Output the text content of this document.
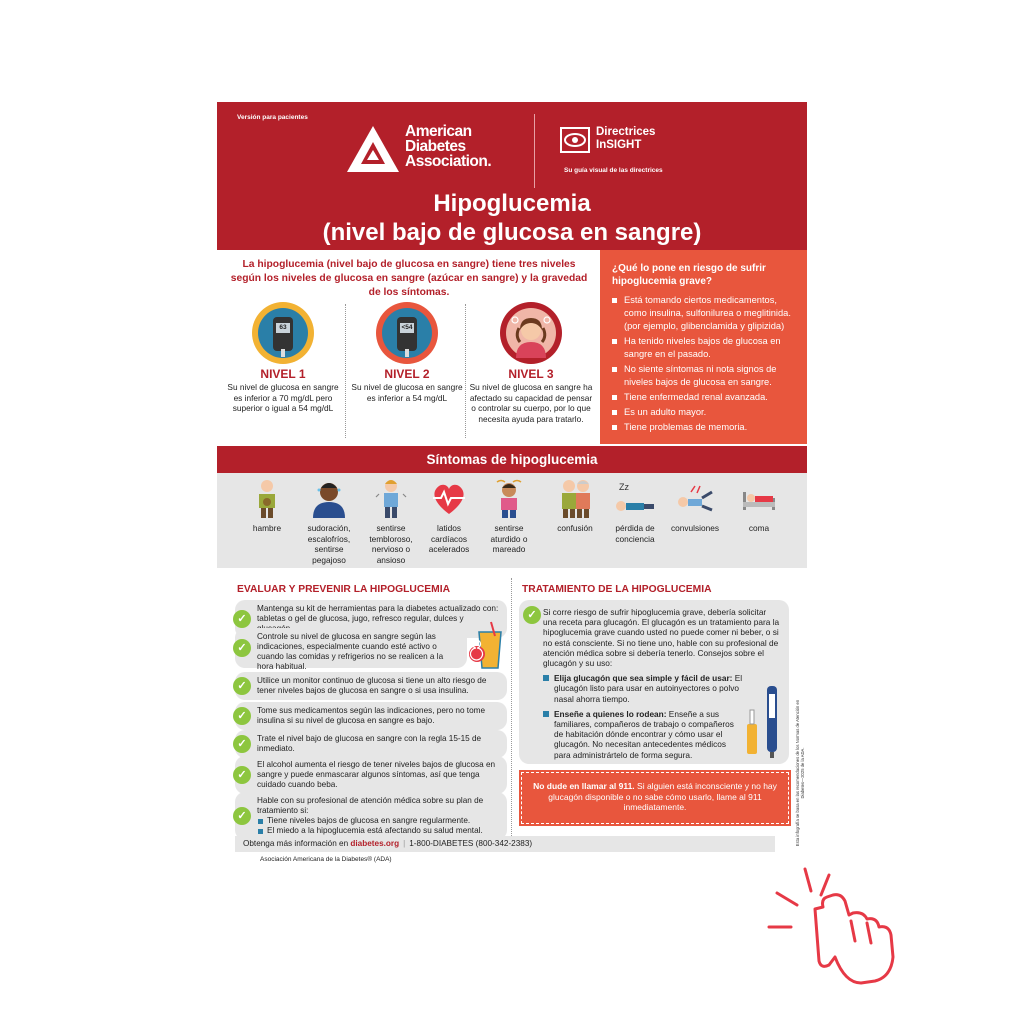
Versión para pacientes
American
Diabetes
Association.
Directrices
InSIGHT
Su guía visual de las directrices
Hipoglucemia
(nivel bajo de glucosa en sangre)
La hipoglucemia (nivel bajo de glucosa en sangre) tiene tres niveles según los niveles de glucosa en sangre (azúcar en sangre) y la gravedad de los síntomas.
63
NIVEL 1
Su nivel de glucosa en sangre es inferior a 70 mg/dL pero superior o igual a 54 mg/dL
<54
NIVEL 2
Su nivel de glucosa en sangre es inferior a 54 mg/dL
NIVEL 3
Su nivel de glucosa en sangre ha afectado su capacidad de pensar o controlar su cuerpo, por lo que necesita ayuda para tratarlo.
¿Qué lo pone en riesgo de sufrir hipoglucemia grave?
Está tomando ciertos medicamentos, como insulina, sulfonilurea o meglitinida. (por ejemplo, glibenclamida y glipizida)
Ha tenido niveles bajos de glucosa en sangre en el pasado.
No siente síntomas ni nota signos de niveles bajos de glucosa en sangre.
Tiene enfermedad renal avanzada.
Es un adulto mayor.
Tiene problemas de memoria.
Síntomas de hipoglucemia
hambre	sudoración, escalofríos, sentirse pegajoso
sentirse tembloroso, nervioso o ansioso
latidos cardíacos acelerados
sentirse aturdido o mareado
confusión
Zz
pérdida de conciencia
convulsiones	coma
EVALUAR Y PREVENIR LA HIPOGLUCEMIA
✓
Mantenga su kit de herramientas para la diabetes actualizado con: tabletas o gel de glucosa, jugo, refresco regular, dulces y
✓
Controle su nivel de glucosa en sangre según las indicaciones, especialmente cuando esté activo o cuando las comidas y refrigerios no se realicen a la hora habitual.
✓	Utilice un monitor continuo de glucosa si tiene un alto riesgo de tener niveles bajos de glucosa en sangre o si usa insulina.
✓	Tome sus medicamentos según las indicaciones, pero no tome insulina si su nivel de glucosa en sangre es bajo.
✓	Trate el nivel bajo de glucosa en sangre con la regla 15-15 de inmediato.
✓
El alcohol aumenta el riesgo de tener niveles bajos de glucosa en sangre y puede enmascarar algunos síntomas, así que tenga cuidado cuando beba.
✓
Hable con su profesional de atención médica sobre su plan de tratamiento si:
Tiene niveles bajos de glucosa en sangre regularmente.
El miedo a la hipoglucemia está afectando su salud mental.
TRATAMIENTO DE LA HIPOGLUCEMIA
✓ Si corre riesgo de sufrir hipoglucemia grave, debería solicitar una receta para glucagón. El glucagón es un tratamiento para la hipoglucemia grave cuando usted no puede comer ni beber, o si no está consciente. Si no tiene uno, hable con su profesional de atención médica sobre si debería tenerlo. Consejos sobre el glucagón y su uso:
Elija glucagón que sea simple y fácil de usar: El glucagón listo para usar en autoinyectores o polvo nasal ahorra tiempo.
Enseñe a quienes lo rodean: Enseñe a sus familiares, compañeros de trabajo o compañeros de habitación dónde encontrar y cómo usar el glucagón. No necesitan antecedentes médicos para administrártelo de forma segura.
No dude en llamar al 911. Si alguien está inconsciente y no hay glucagón disponible o no sabe cómo usarlo, llame al 911 inmediatamente.	Esta infografía se basa en las recomendaciones de los Normas de Atención en Diabetes—2025 de la ADA.
Obtenga más información en diabetes.org | 1-800-DIABETES (800-342-2383)
Asociación Americana de la Diabetes® (ADA)
